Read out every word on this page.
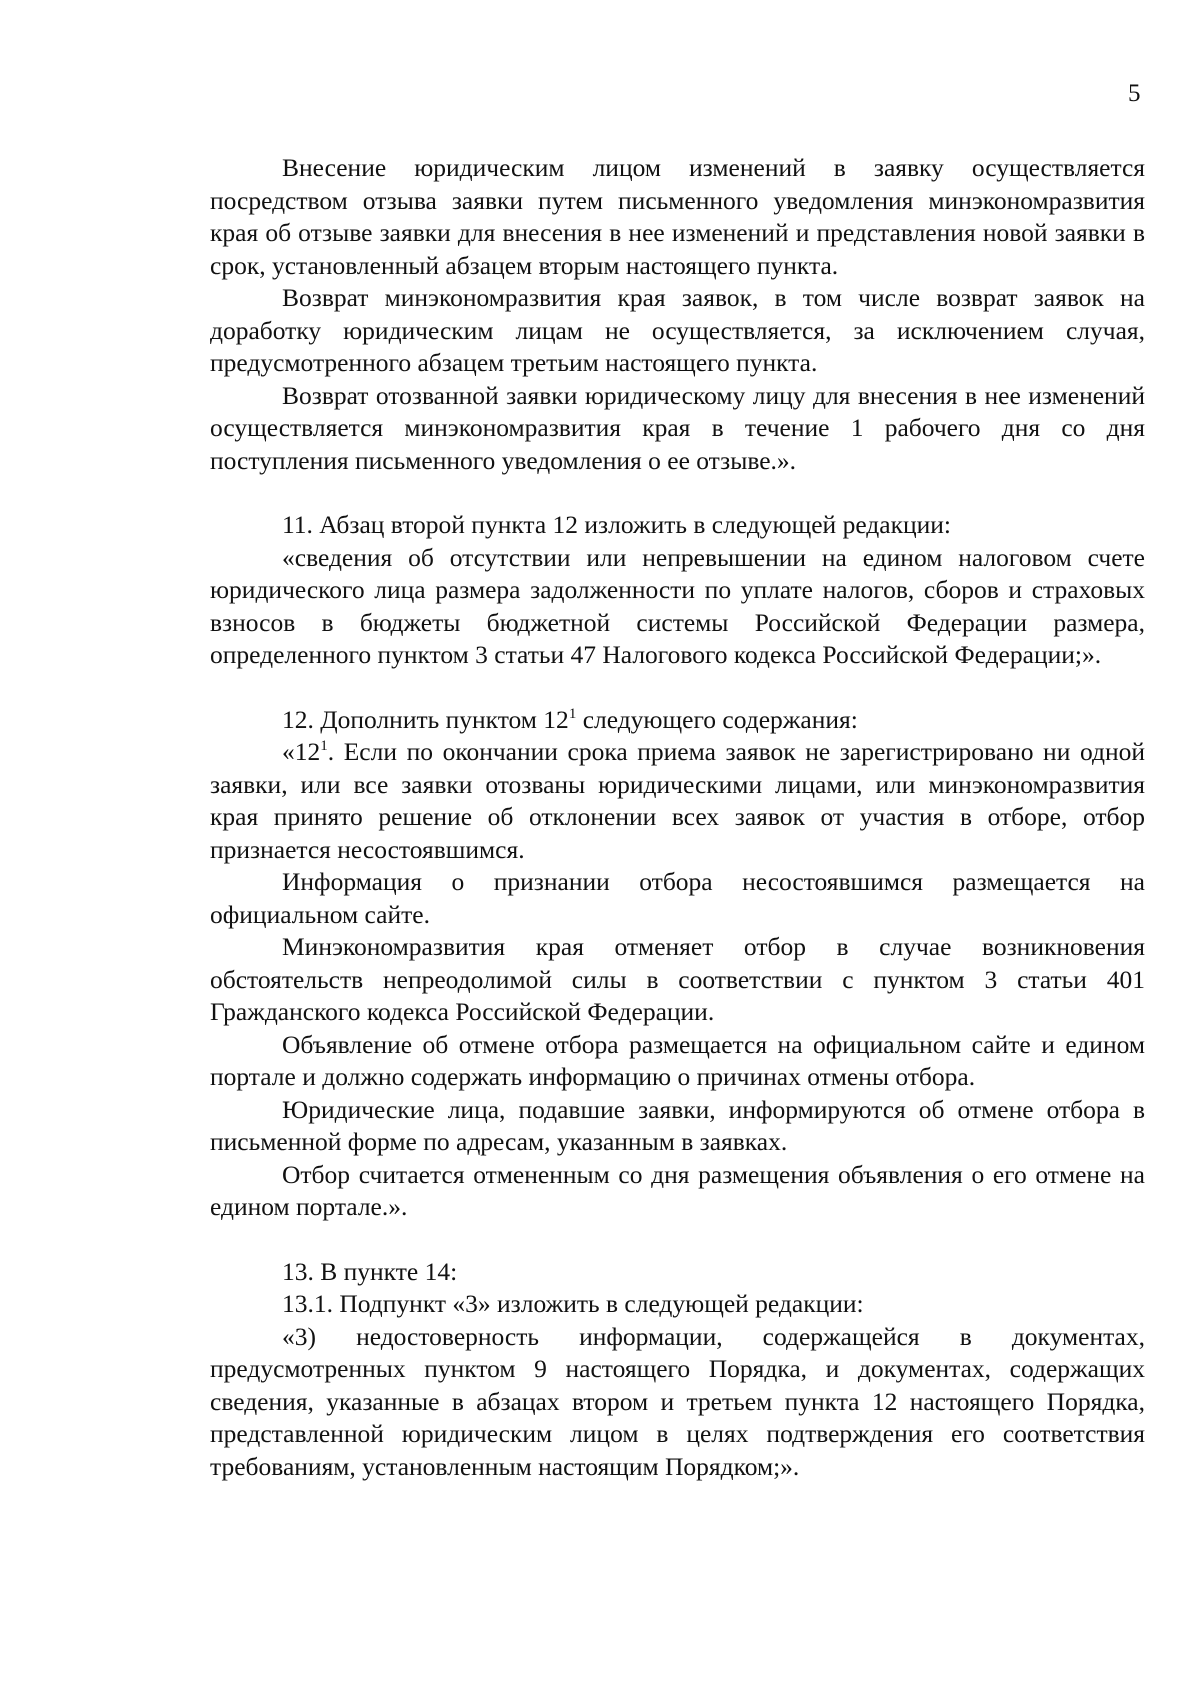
5

Внесение юридическим лицом изменений в заявку осуществляется посредством отзыва заявки путем письменного уведомления минэкономразвития края об отзыве заявки для внесения в нее изменений и представления новой заявки в срок, установленный абзацем вторым настоящего пункта.

Возврат минэкономразвития края заявок, в том числе возврат заявок на доработку юридическим лицам не осуществляется, за исключением случая, предусмотренного абзацем третьим настоящего пункта.

Возврат отозванной заявки юридическому лицу для внесения в нее изменений осуществляется минэкономразвития края в течение 1 рабочего дня со дня поступления письменного уведомления о ее отзыве.».

11. Абзац второй пункта 12 изложить в следующей редакции:

«сведения об отсутствии или непревышении на едином налоговом счете юридического лица размера задолженности по уплате налогов, сборов и страховых взносов в бюджеты бюджетной системы Российской Федерации размера, определенного пунктом 3 статьи 47 Налогового кодекса Российской Федерации;».

12. Дополнить пунктом $12^1$ следующего содержания:

«$12^1$. Если по окончании срока приема заявок не зарегистрировано ни одной заявки, или все заявки отозваны юридическими лицами, или минэкономразвития края принято решение об отклонении всех заявок от участия в отборе, отбор признается несостоявшимся.

Информация о признании отбора несостоявшимся размещается на официальном сайте.

Минэкономразвития края отменяет отбор в случае возникновения обстоятельств непреодолимой силы в соответствии с пунктом 3 статьи 401 Гражданского кодекса Российской Федерации.

Объявление об отмене отбора размещается на официальном сайте и едином портале и должно содержать информацию о причинах отмены отбора.

Юридические лица, подавшие заявки, информируются об отмене отбора в письменной форме по адресам, указанным в заявках.

Отбор считается отмененным со дня размещения объявления о его отмене на едином портале.».

13. В пункте 14:

13.1. Подпункт «3» изложить в следующей редакции:

«3) недостоверность информации, содержащейся в документах, предусмотренных пунктом 9 настоящего Порядка, и документах, содержащих сведения, указанные в абзацах втором и третьем пункта 12 настоящего Порядка, представленной юридическим лицом в целях подтверждения его соответствия требованиям, установленным настоящим Порядком;».
